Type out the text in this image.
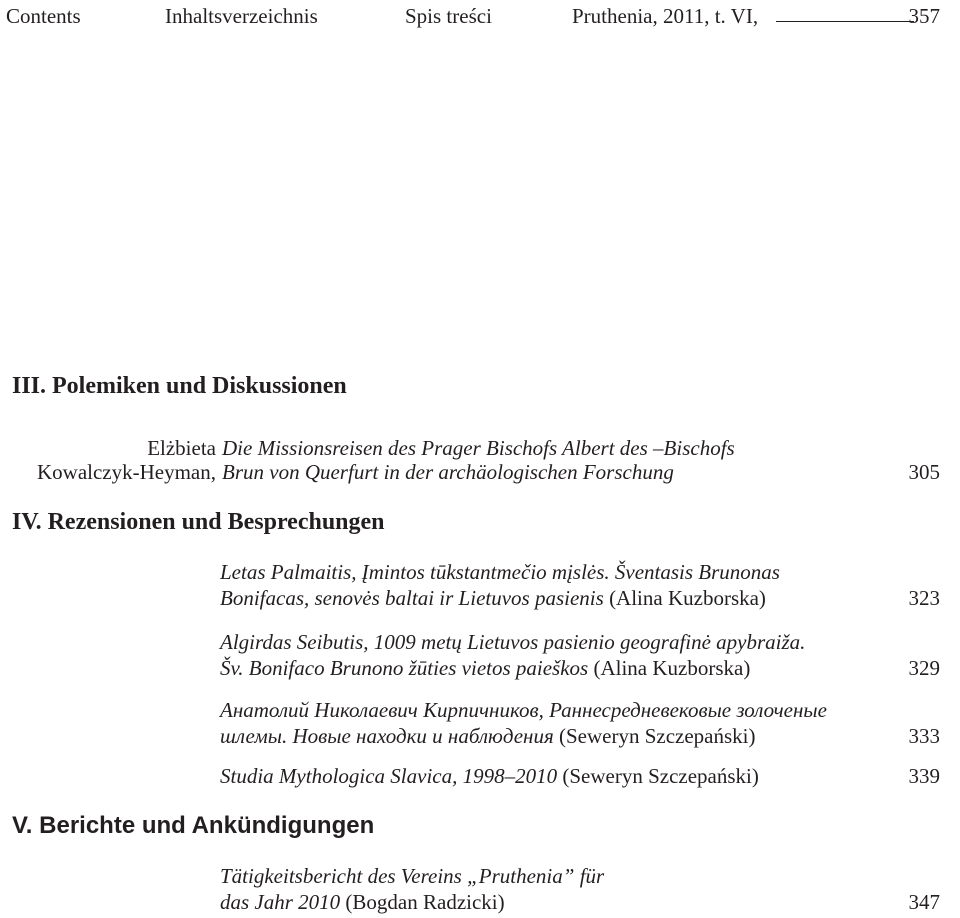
Contents	Inhaltsverzeichnis	Spis treści	Pruthenia, 2011, t. VI,	357
III. Polemiken und Diskussionen
Elżbieta
Kowalczyk-Heyman,
Die Missionsreisen des Prager Bischofs Albert des –Bischofs
Brun von Querfurt in der archäologischen Forschung	305
IV. Rezensionen und Besprechungen
Letas Palmaitis, Įmintos tūkstantmečio mįslės. Šventasis Brunonas
Bonifacas, senovės baltai ir Lietuvos pasienis (Alina Kuzborska)	323
Algirdas Seibutis, 1009 metų Lietuvos pasienio geografinė apybraiža.
Šv. Bonifaco Brunono žūties vietos paieškos (Alina Kuzborska)	329
Анатолий Николаевич Кирпичников, Раннесредневековые золоченые
шлемы. Новые находки и наблюдения (Seweryn Szczepański)	333
Studia Mythologica Slavica, 1998–2010 (Seweryn Szczepański)	339
V. Berichte und Ankündigungen
Tätigkeitsbericht des Vereins „Pruthenia” für
das Jahr 2010 (Bogdan Radzicki)	347
